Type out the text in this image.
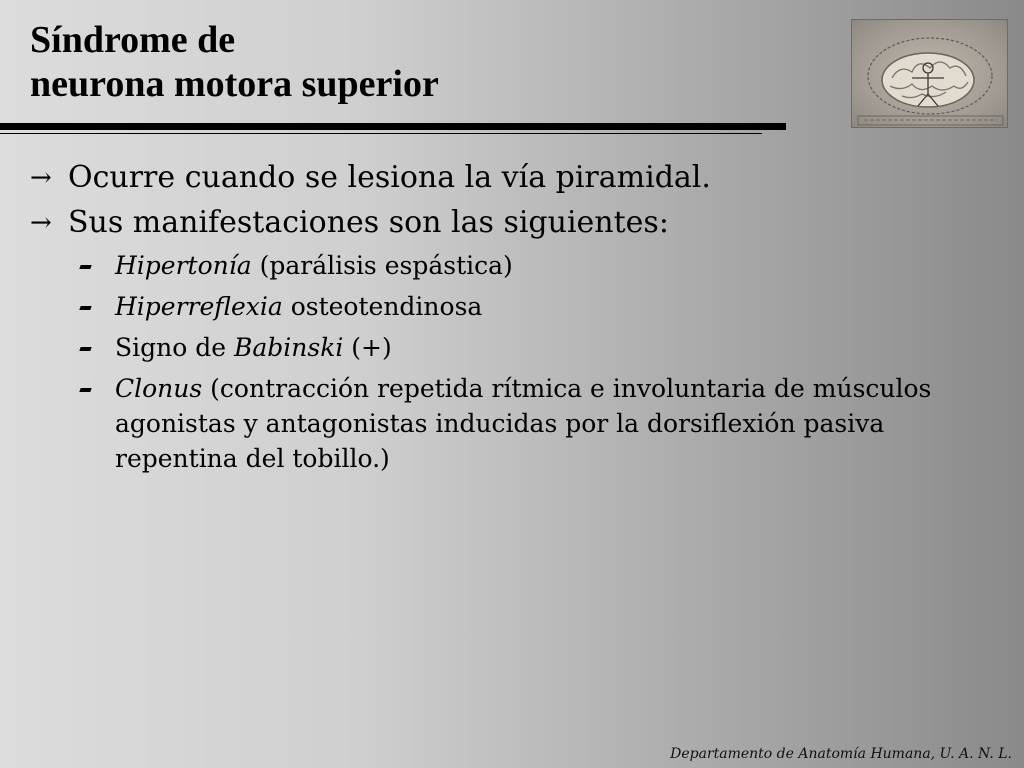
Síndrome de
neurona motora superior
→ Ocurre cuando se lesiona la vía piramidal.
→ Sus manifestaciones son las siguientes:
Hipertonía (parálisis espástica)
Hiperreflexia osteotendinosa
Signo de Babinski (+)
Clonus (contracción repetida rítmica e involuntaria de músculos agonistas y antagonistas inducidas por la dorsiflexión pasiva repentina del tobillo.)
Departamento de Anatomía Humana, U. A. N. L.
